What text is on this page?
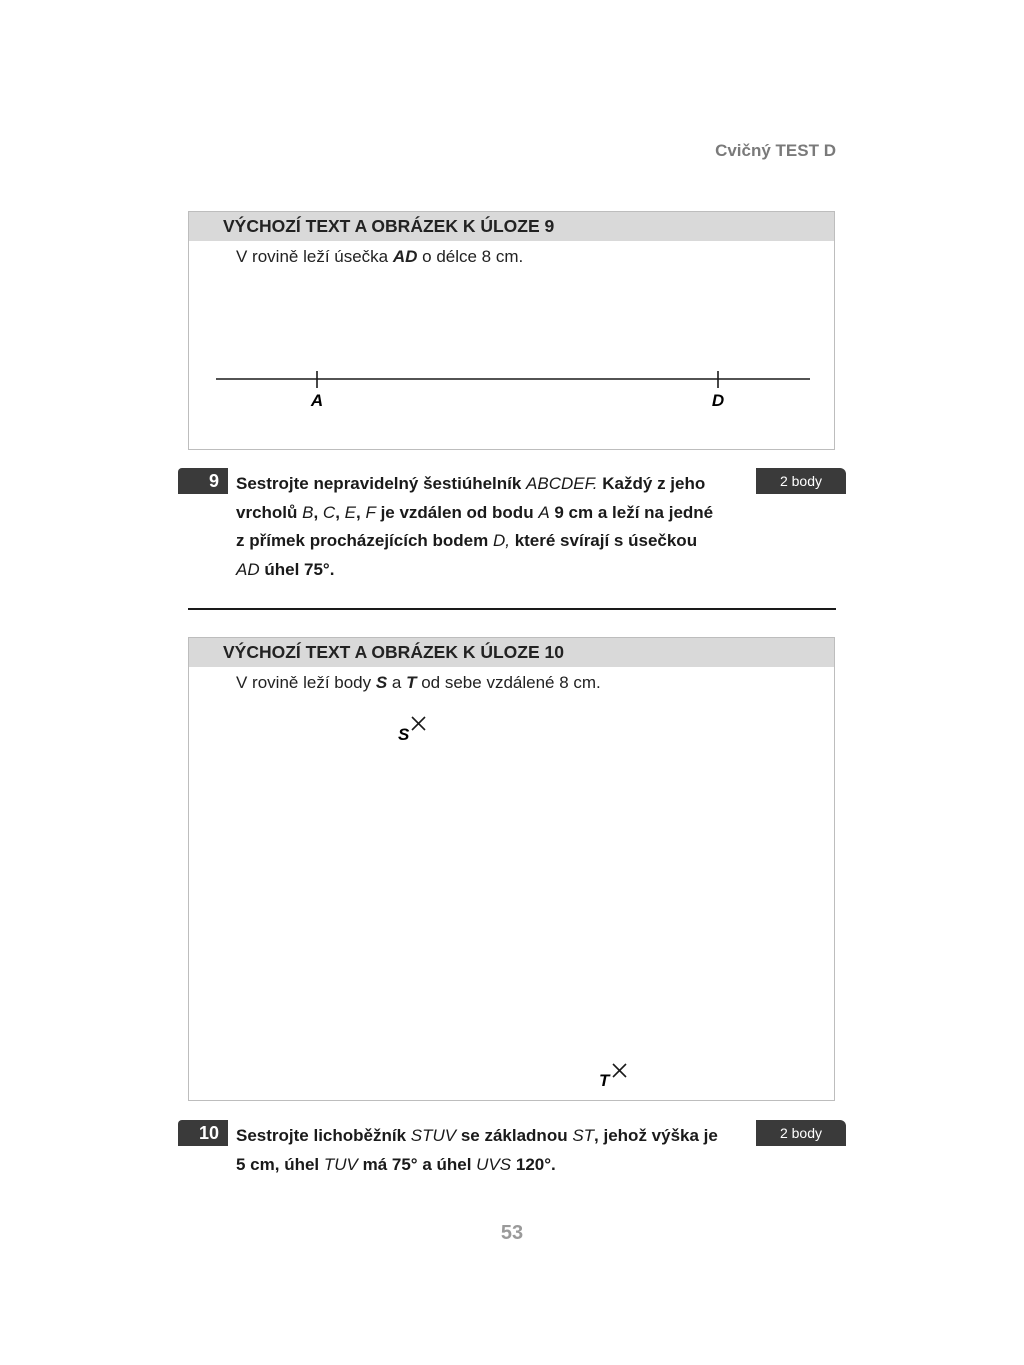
Cvičný TEST D
VÝCHOZÍ TEXT A OBRÁZEK K ÚLOZE 9
V rovině leží úsečka AD o délce 8 cm.
A	D
9	Sestrojte nepravidelný šestiúhelník ABCDEF. Každý z jeho vrcholů B, C, E, F je vzdálen od bodu A 9 cm a leží na jedné z přímek procházejících bodem D, které svírají s úsečkou AD úhel 75°.
2 body
VÝCHOZÍ TEXT A OBRÁZEK K ÚLOZE 10
V rovině leží body S a T od sebe vzdálené 8 cm.
S
T
10	Sestrojte lichoběžník STUV se základnou ST, jehož výška je 5 cm, úhel TUV má 75° a úhel UVS 120°.
2 body
53
